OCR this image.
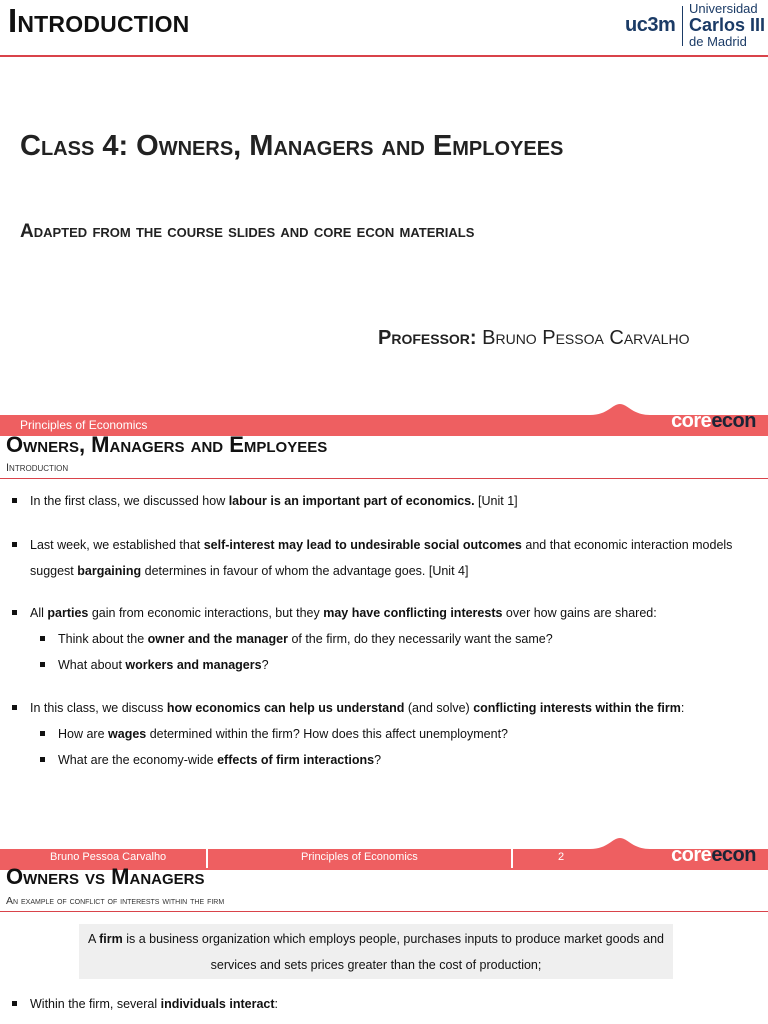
Introduction	uc3m
Universidad
Carlos III
de Madrid
Class 4: Owners, Managers and Employees
Adapted from the course slides and core econ materials
Professor: Bruno Pessoa Carvalho
Principles of Economics	coreecon
Owners, Managers and Employees
Introduction
In the first class, we discussed how labour is an important part of economics. [Unit 1]
Last week, we established that self-interest may lead to undesirable social outcomes and that economic interaction models suggest bargaining determines in favour of whom the advantage goes. [Unit 4]
All parties gain from economic interactions, but they may have conflicting interests over how gains are shared:
Think about the owner and the manager of the firm, do they necessarily want the same?
What about workers and managers?
In this class, we discuss how economics can help us understand (and solve) conflicting interests within the firm:
How are wages determined within the firm? How does this affect unemployment?
What are the economy-wide effects of firm interactions?
Bruno Pessoa Carvalho	Principles of Economics	2	coreecon
Owners vs Managers
An example of conflict of interests within the firm
A firm is a business organization which employs people, purchases inputs to produce market goods and services and sets prices greater than the cost of production;
Within the firm, several individuals interact:
